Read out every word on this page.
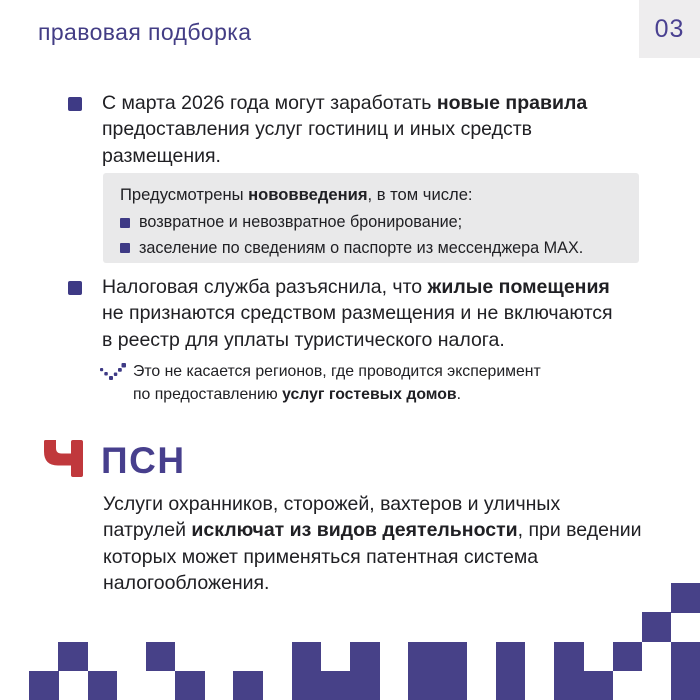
правовая подборка	03
С марта 2026 года могут заработать новые правила
предоставления услуг гостиниц и иных средств
размещения.
Предусмотрены нововведения, в том числе:
возвратное и невозвратное бронирование;
заселение по сведениям о паспорте из мессенджера MAX.
Налоговая служба разъяснила, что жилые помещения
не признаются средством размещения и не включаются
в реестр для уплаты туристического налога.
Это не касается регионов, где проводится эксперимент
по предоставлению услуг гостевых домов.
ПСН
Услуги охранников, сторожей, вахтеров и уличных
патрулей исключат из видов деятельности, при ведении
которых может применяться патентная система
налогообложения.
